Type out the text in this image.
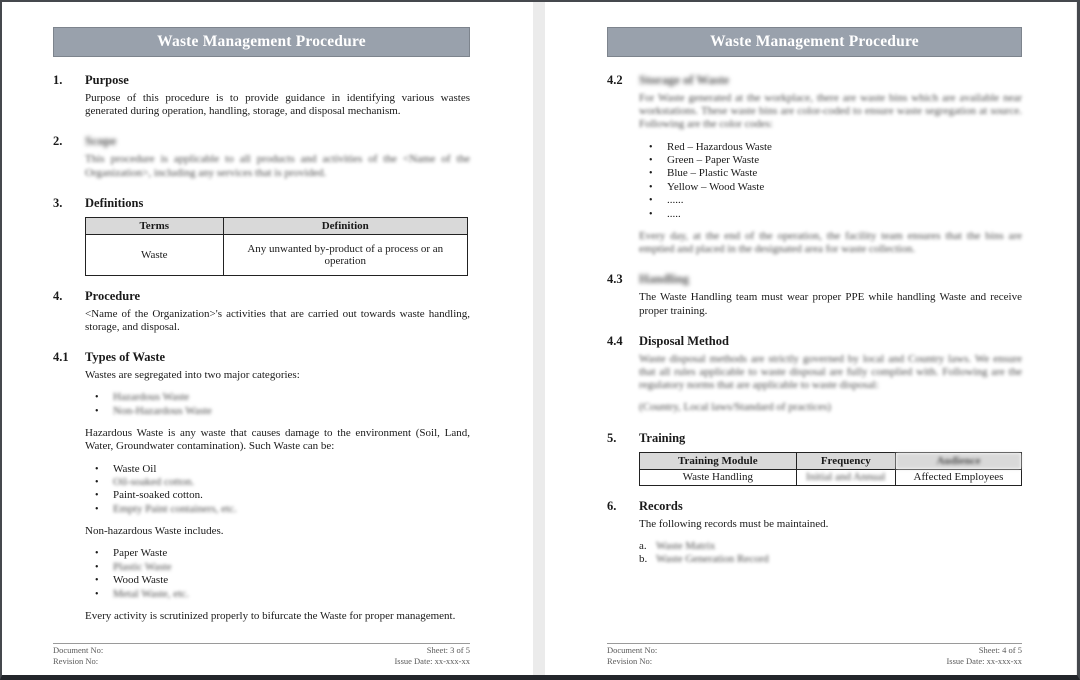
Waste Management Procedure
1.	Purpose
Purpose of this procedure is to provide guidance in identifying various wastes generated during operation, handling, storage, and disposal mechanism.
2.	Scope
This procedure is applicable to all products and activities of the <Name of the Organization>, including any services that is provided.
3.	Definitions
Terms	Definition
Waste	Any unwanted by-product of a process or an operation
4.	Procedure
<Name of the Organization>'s activities that are carried out towards waste handling, storage, and disposal.
4.1	Types of Waste
Wastes are segregated into two major categories:
•	Hazardous Waste
•	Non-Hazardous Waste
Hazardous Waste is any waste that causes damage to the environment (Soil, Land, Water, Groundwater contamination). Such Waste can be:
•	Waste Oil
•	Oil-soaked cotton.
•	Paint-soaked cotton.
•	Empty Paint containers, etc.
Non-hazardous Waste includes.
•	Paper Waste
•	Plastic Waste
•	Wood Waste
•	Metal Waste, etc.
Every activity is scrutinized properly to bifurcate the Waste for proper management.
Document No:
Revision No:
Sheet: 3 of 5
Issue Date: xx-xxx-xx
Waste Management Procedure
4.2	Storage of Waste
For Waste generated at the workplace, there are waste bins which are available near workstations. These waste bins are color-coded to ensure waste segregation at source. Following are the color codes:
•	Red – Hazardous Waste
•	Green – Paper Waste
•	Blue – Plastic Waste
•	Yellow – Wood Waste
•	......
•	.....
Every day, at the end of the operation, the facility team ensures that the bins are emptied and placed in the designated area for waste collection.
4.3	Handling
The Waste Handling team must wear proper PPE while handling Waste and receive proper training.
4.4	Disposal Method
Waste disposal methods are strictly governed by local and Country laws. We ensure that all rules applicable to waste disposal are fully complied with. Following are the regulatory norms that are applicable to waste disposal:
(Country, Local laws/Standard of practices)
5.	Training
Training Module	Frequency	Audience
Waste Handling	Initial and Annual	Affected Employees
6.	Records
The following records must be maintained.
a. Waste Matrix
b. Waste Generation Record
Document No:
Revision No:
Sheet: 4 of 5
Issue Date: xx-xxx-xx
